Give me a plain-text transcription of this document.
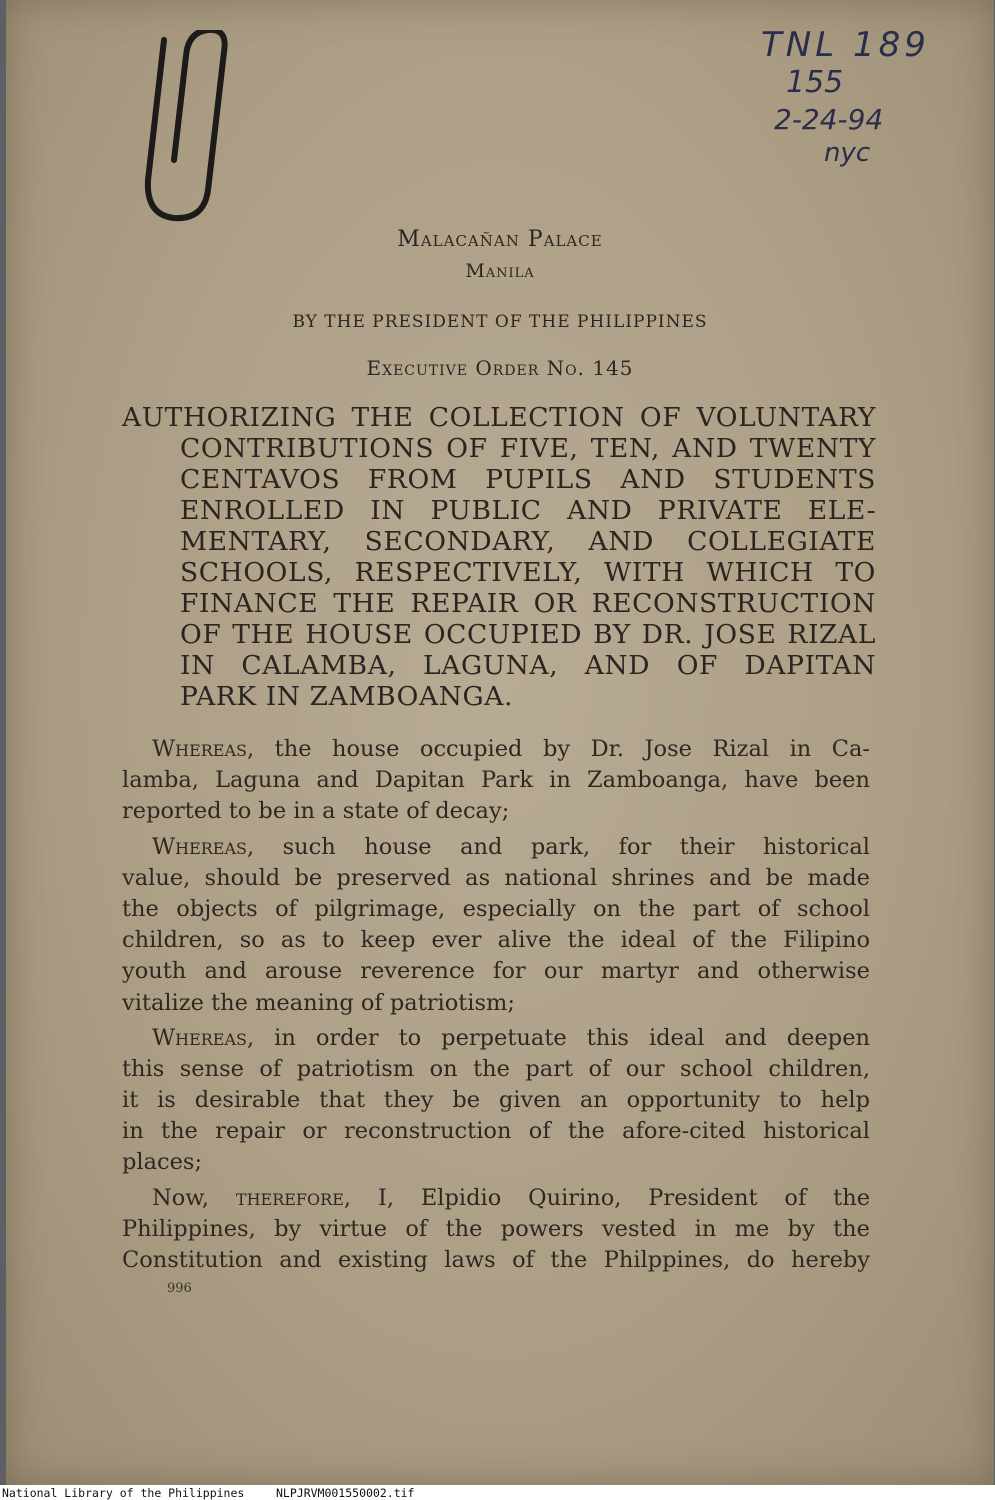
TNL 189
155
2-24-94
nyc
Malacañan Palace
Manila
BY THE PRESIDENT OF THE PHILIPPINES
Executive Order No. 145
AUTHORIZING THE COLLECTION OF VOLUNTARY
CONTRIBUTIONS OF FIVE, TEN, AND TWENTY
CENTAVOS FROM PUPILS AND STUDENTS
ENROLLED IN PUBLIC AND PRIVATE ELE-
MENTARY, SECONDARY, AND COLLEGIATE
SCHOOLS, RESPECTIVELY, WITH WHICH TO
FINANCE THE REPAIR OR RECONSTRUCTION
OF THE HOUSE OCCUPIED BY DR. JOSE RIZAL
IN CALAMBA, LAGUNA, AND OF DAPITAN
PARK IN ZAMBOANGA.
Whereas, the house occupied by Dr. Jose Rizal in Ca-
lamba, Laguna and Dapitan Park in Zamboanga, have been
reported to be in a state of decay;
Whereas, such house and park, for their historical
value, should be preserved as national shrines and be made
the objects of pilgrimage, especially on the part of school
children, so as to keep ever alive the ideal of the Filipino
youth and arouse reverence for our martyr and otherwise
vitalize the meaning of patriotism;
Whereas, in order to perpetuate this ideal and deepen
this sense of patriotism on the part of our school children,
it is desirable that they be given an opportunity to help
in the repair or reconstruction of the afore-cited historical
places;
Now, therefore, I, Elpidio Quirino, President of the
Philippines, by virtue of the powers vested in me by the
Constitution and existing laws of the Philppines, do hereby
996
National Library of the Philippines	NLPJRVM001550002.tif
